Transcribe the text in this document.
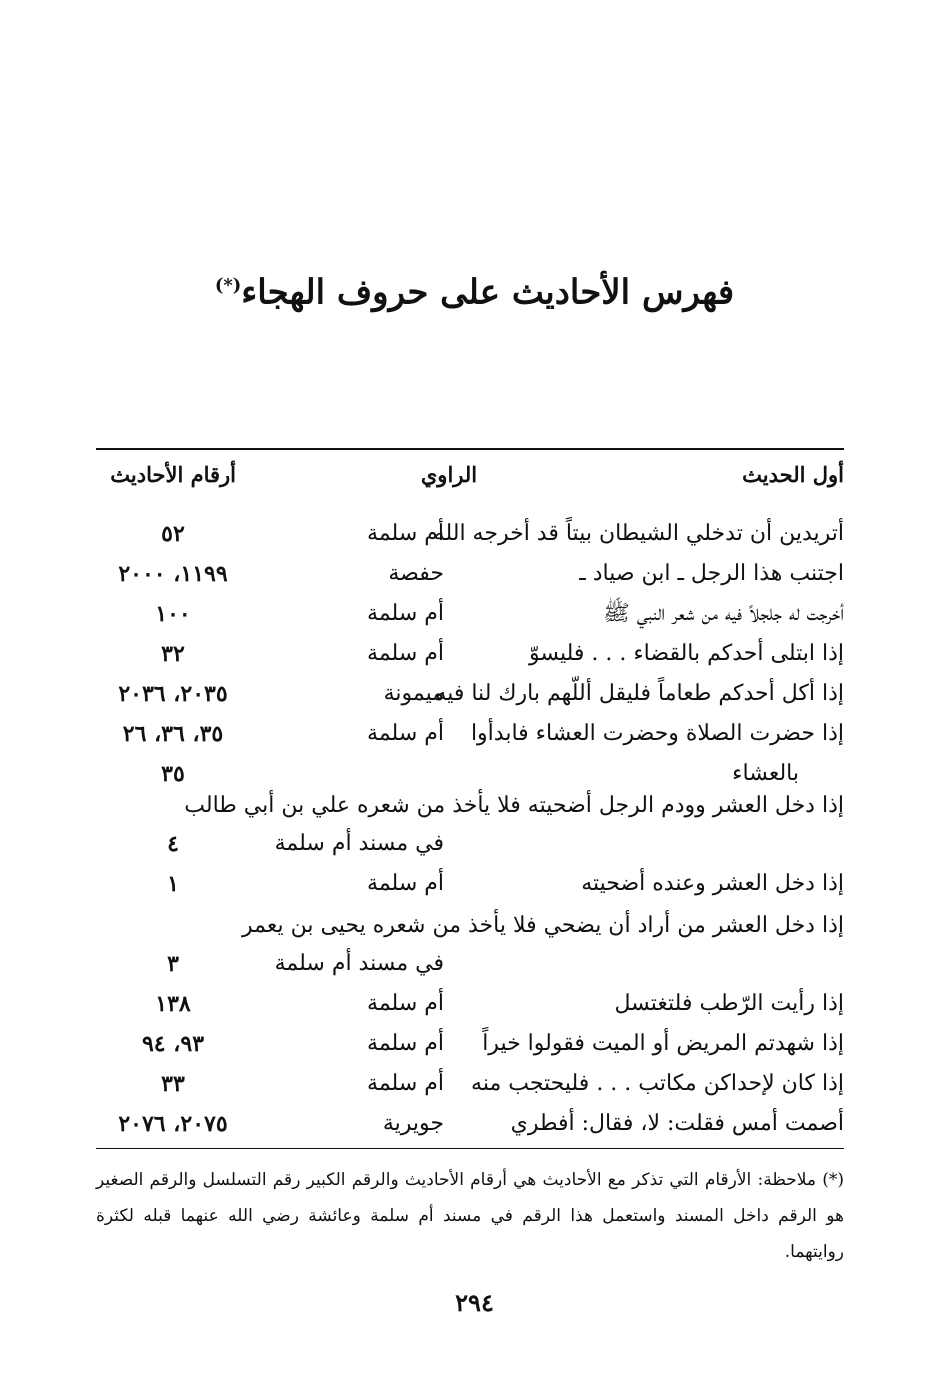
فهرس الأحاديث على حروف الهجاء(*)
أول الحديث
الراوي
أرقام الأحاديث
أتريدين أن تدخلي الشيطان بيتاً قد أخرجه الله
أم سلمة
٥٢
اجتنب هذا الرجل ـ ابن صياد ـ
حفصة
١١٩٩، ٢٠٠٠
أخرجت له جلجلاً فيه من شعر النبي ﷺ
أم سلمة
١٠٠
إذا ابتلى أحدكم بالقضاء . . . فليسوّ
أم سلمة
٣٢
إذا أكل أحدكم طعاماً فليقل أللّهم بارك لنا فيه
ميمونة
٢٠٣٥، ٢٠٣٦
إذا حضرت الصلاة وحضرت العشاء فابدأوا
أم سلمة
٣٥، ٣٦، ٢٦
بالعشاء
٣٥
إذا دخل العشر وودم الرجل أضحيته فلا يأخذ من شعره علي بن أبي طالب
في مسند أم سلمة
٤
إذا دخل العشر وعنده أضحيته
أم سلمة
١
إذا دخل العشر من أراد أن يضحي فلا يأخذ من شعره يحيى بن يعمر
في مسند أم سلمة
٣
إذا رأيت الرّطب فلتغتسل
أم سلمة
١٣٨
إذا شهدتم المريض أو الميت فقولوا خيراً
أم سلمة
٩٣، ٩٤
إذا كان لإحداكن مكاتب . . . فليحتجب منه
أم سلمة
٣٣
أصمت أمس فقلت: لا، فقال: أفطري
جويرية
٢٠٧٥، ٢٠٧٦
(*) ملاحظة: الأرقام التي تذكر مع الأحاديث هي أرقام الأحاديث والرقم الكبير رقم التسلسل والرقم الصغير هو الرقم داخل المسند واستعمل هذا الرقم في مسند أم سلمة وعائشة رضي الله عنهما قبله لكثرة روايتهما.
٢٩٤
